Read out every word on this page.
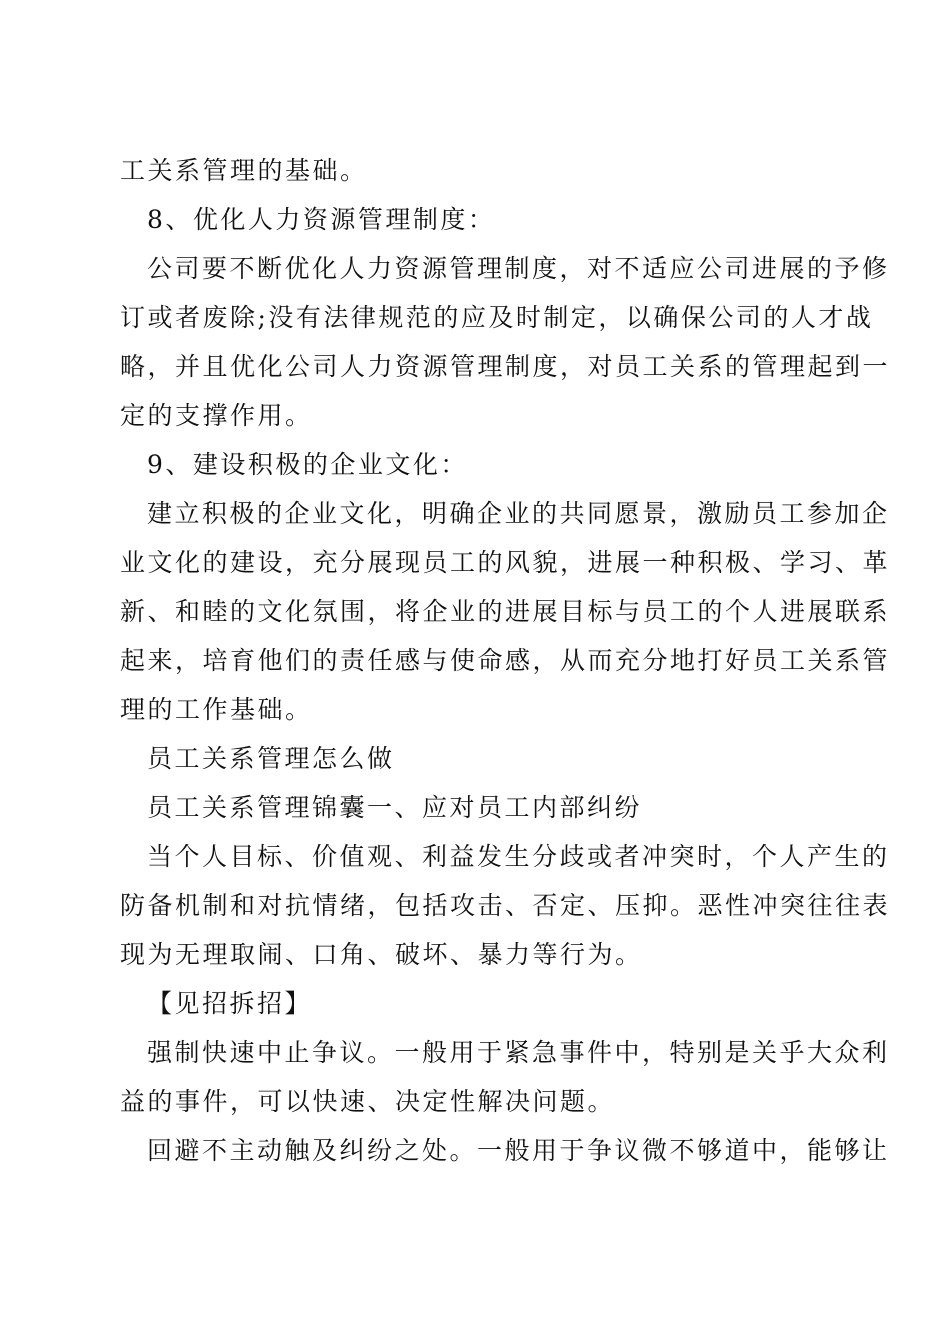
工关系管理的基础。
8、优化人力资源管理制度：
公司要不断优化人力资源管理制度，对不适应公司进展的予修
订或者废除;没有法律规范的应及时制定，以确保公司的人才战
略，并且优化公司人力资源管理制度，对员工关系的管理起到一
定的支撑作用。
9、建设积极的企业文化：
建立积极的企业文化，明确企业的共同愿景，激励员工参加企
业文化的建设，充分展现员工的风貌，进展一种积极、学习、革
新、和睦的文化氛围，将企业的进展目标与员工的个人进展联系
起来，培育他们的责任感与使命感，从而充分地打好员工关系管
理的工作基础。
员工关系管理怎么做
员工关系管理锦囊一、应对员工内部纠纷
当个人目标、价值观、利益发生分歧或者冲突时，个人产生的
防备机制和对抗情绪，包括攻击、否定、压抑。恶性冲突往往表
现为无理取闹、口角、破坏、暴力等行为。
【见招拆招】
强制快速中止争议。一般用于紧急事件中，特别是关乎大众利
益的事件，可以快速、决定性解决问题。
回避不主动触及纠纷之处。一般用于争议微不够道中，能够让
